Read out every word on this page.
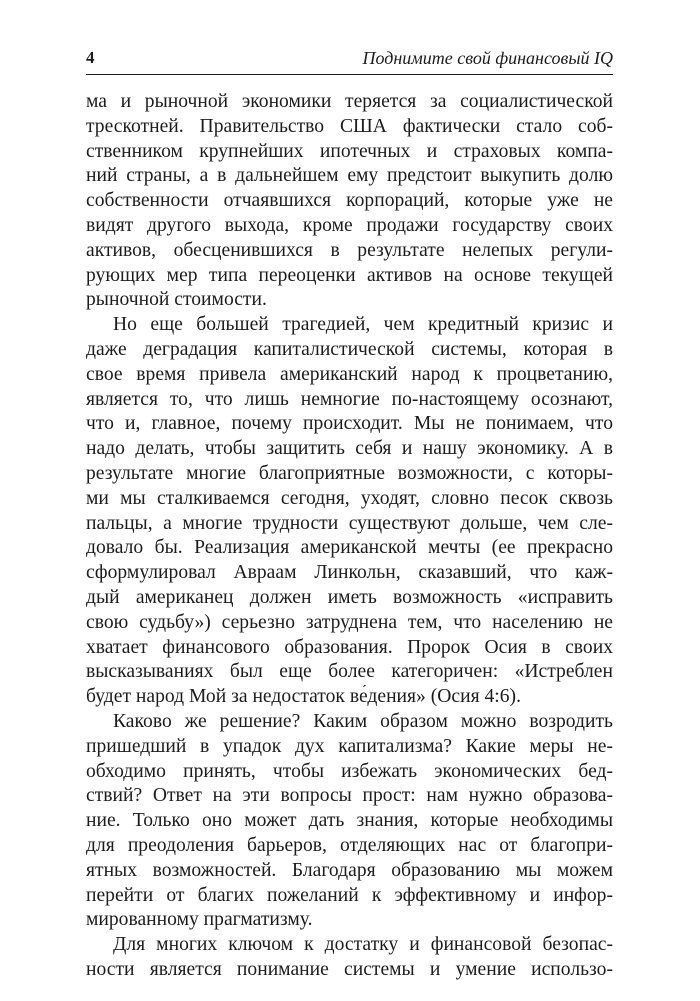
4	Поднимите свой финансовый IQ
ма и рыночной экономики теряется за социалистической
трескотней. Правительство США фактически стало соб-
ственником крупнейших ипотечных и страховых компа-
ний страны, а в дальнейшем ему предстоит выкупить долю
собственности отчаявшихся корпораций, которые уже не
видят другого выхода, кроме продажи государству своих
активов, обесценившихся в результате нелепых регули-
рующих мер типа переоценки активов на основе текущей
рыночной стоимости.
Но еще большей трагедией, чем кредитный кризис и
даже деградация капиталистической системы, которая в
свое время привела американский народ к процветанию,
является то, что лишь немногие по-настоящему осознают,
что и, главное, почему происходит. Мы не понимаем, что
надо делать, чтобы защитить себя и нашу экономику. А в
результате многие благоприятные возможности, с которы-
ми мы сталкиваемся сегодня, уходят, словно песок сквозь
пальцы, а многие трудности существуют дольше, чем сле-
довало бы. Реализация американской мечты (ее прекрасно
сформулировал Авраам Линкольн, сказавший, что каж-
дый американец должен иметь возможность «исправить
свою судьбу») серьезно затруднена тем, что населению не
хватает финансового образования. Пророк Осия в своих
высказываниях был еще более категоричен: «Истреблен
будет народ Мой за недостаток ве́дения» (Осия 4:6).
Каково же решение? Каким образом можно возродить
пришедший в упадок дух капитализма? Какие меры не-
обходимо принять, чтобы избежать экономических бед-
ствий? Ответ на эти вопросы прост: нам нужно образова-
ние. Только оно может дать знания, которые необходимы
для преодоления барьеров, отделяющих нас от благопри-
ятных возможностей. Благодаря образованию мы можем
перейти от благих пожеланий к эффективному и инфор-
мированному прагматизму.
Для многих ключом к достатку и финансовой безопас-
ности является понимание системы и умение использо-
